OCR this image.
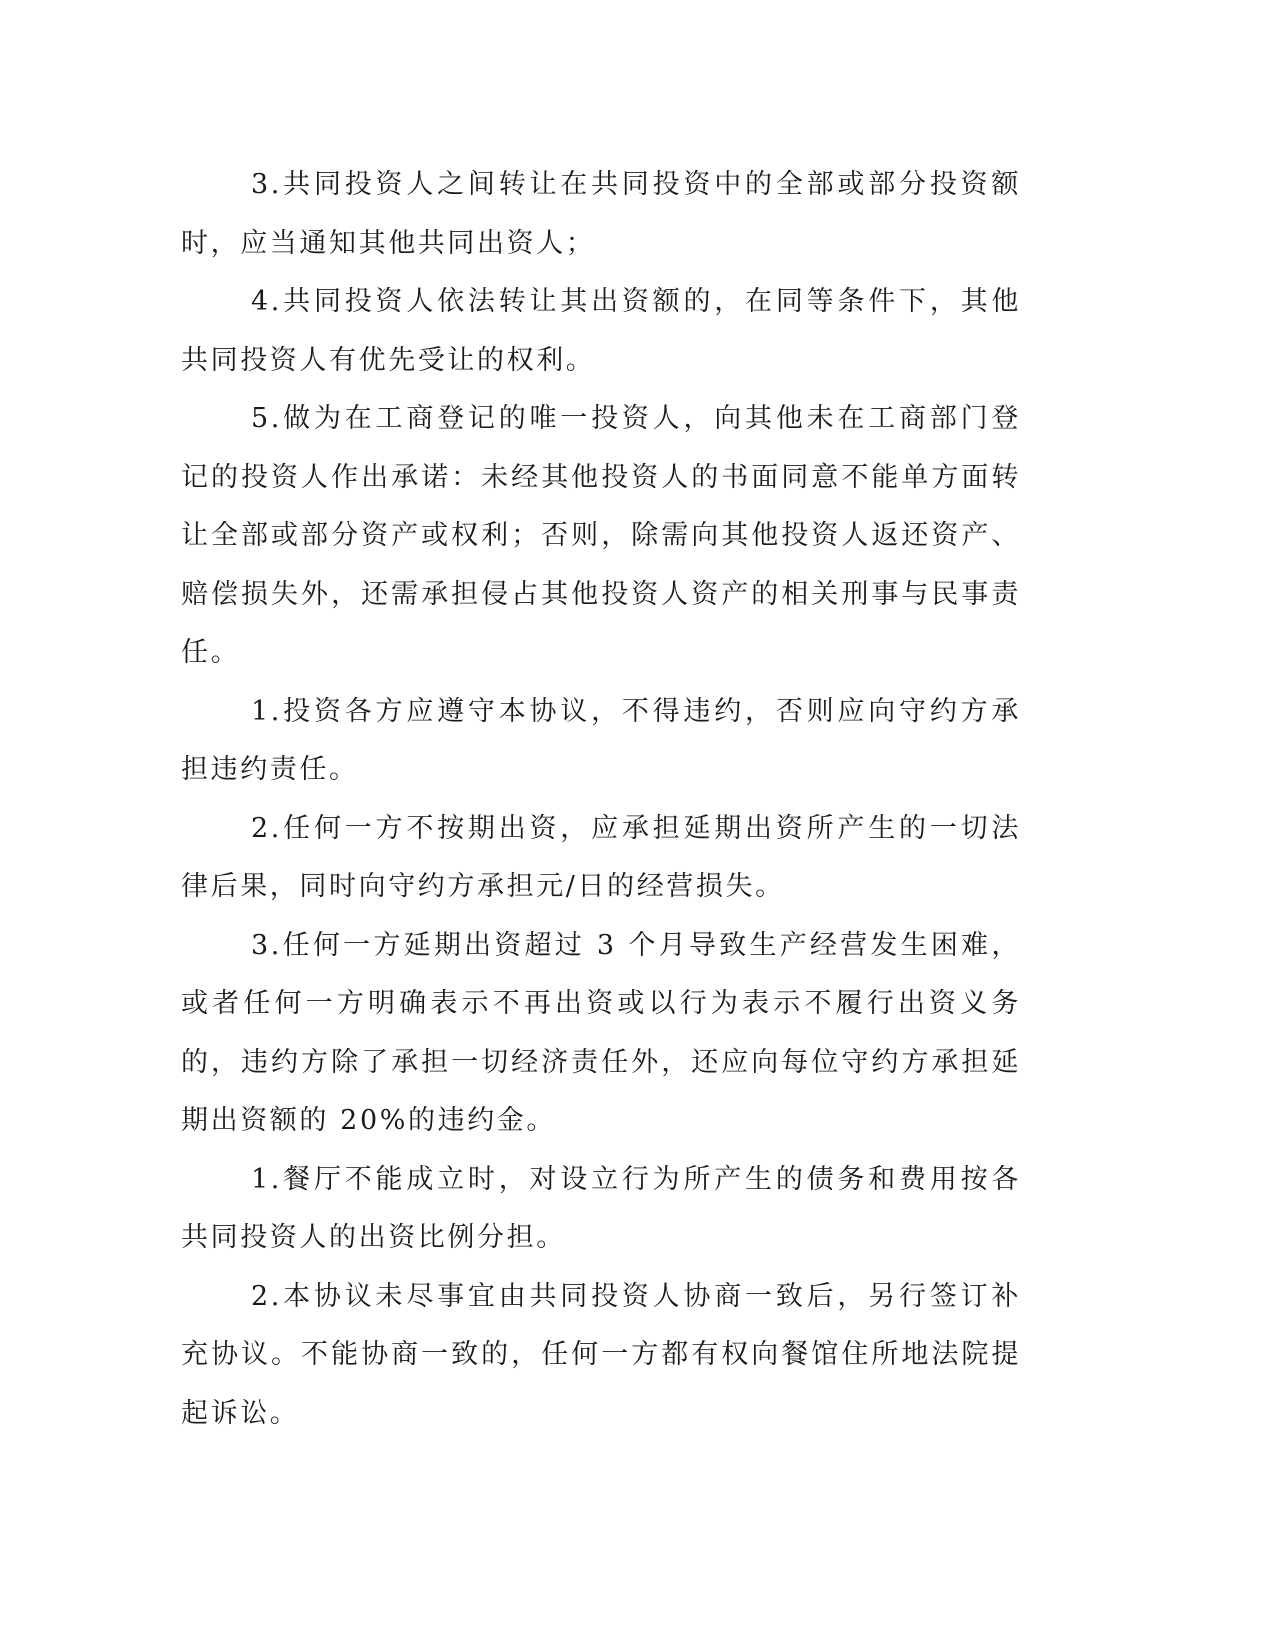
3.共同投资人之间转让在共同投资中的全部或部分投资额时，应当通知其他共同出资人；

4.共同投资人依法转让其出资额的，在同等条件下，其他共同投资人有优先受让的权利。

5.做为在工商登记的唯一投资人，向其他未在工商部门登记的投资人作出承诺：未经其他投资人的书面同意不能单方面转让全部或部分资产或权利；否则，除需向其他投资人返还资产、赔偿损失外，还需承担侵占其他投资人资产的相关刑事与民事责任。

1.投资各方应遵守本协议，不得违约，否则应向守约方承担违约责任。

2.任何一方不按期出资，应承担延期出资所产生的一切法律后果，同时向守约方承担元/日的经营损失。

3.任何一方延期出资超过 3 个月导致生产经营发生困难，或者任何一方明确表示不再出资或以行为表示不履行出资义务的，违约方除了承担一切经济责任外，还应向每位守约方承担延期出资额的 20%的违约金。

1.餐厅不能成立时，对设立行为所产生的债务和费用按各共同投资人的出资比例分担。

2.本协议未尽事宜由共同投资人协商一致后，另行签订补充协议。不能协商一致的，任何一方都有权向餐馆住所地法院提起诉讼。
